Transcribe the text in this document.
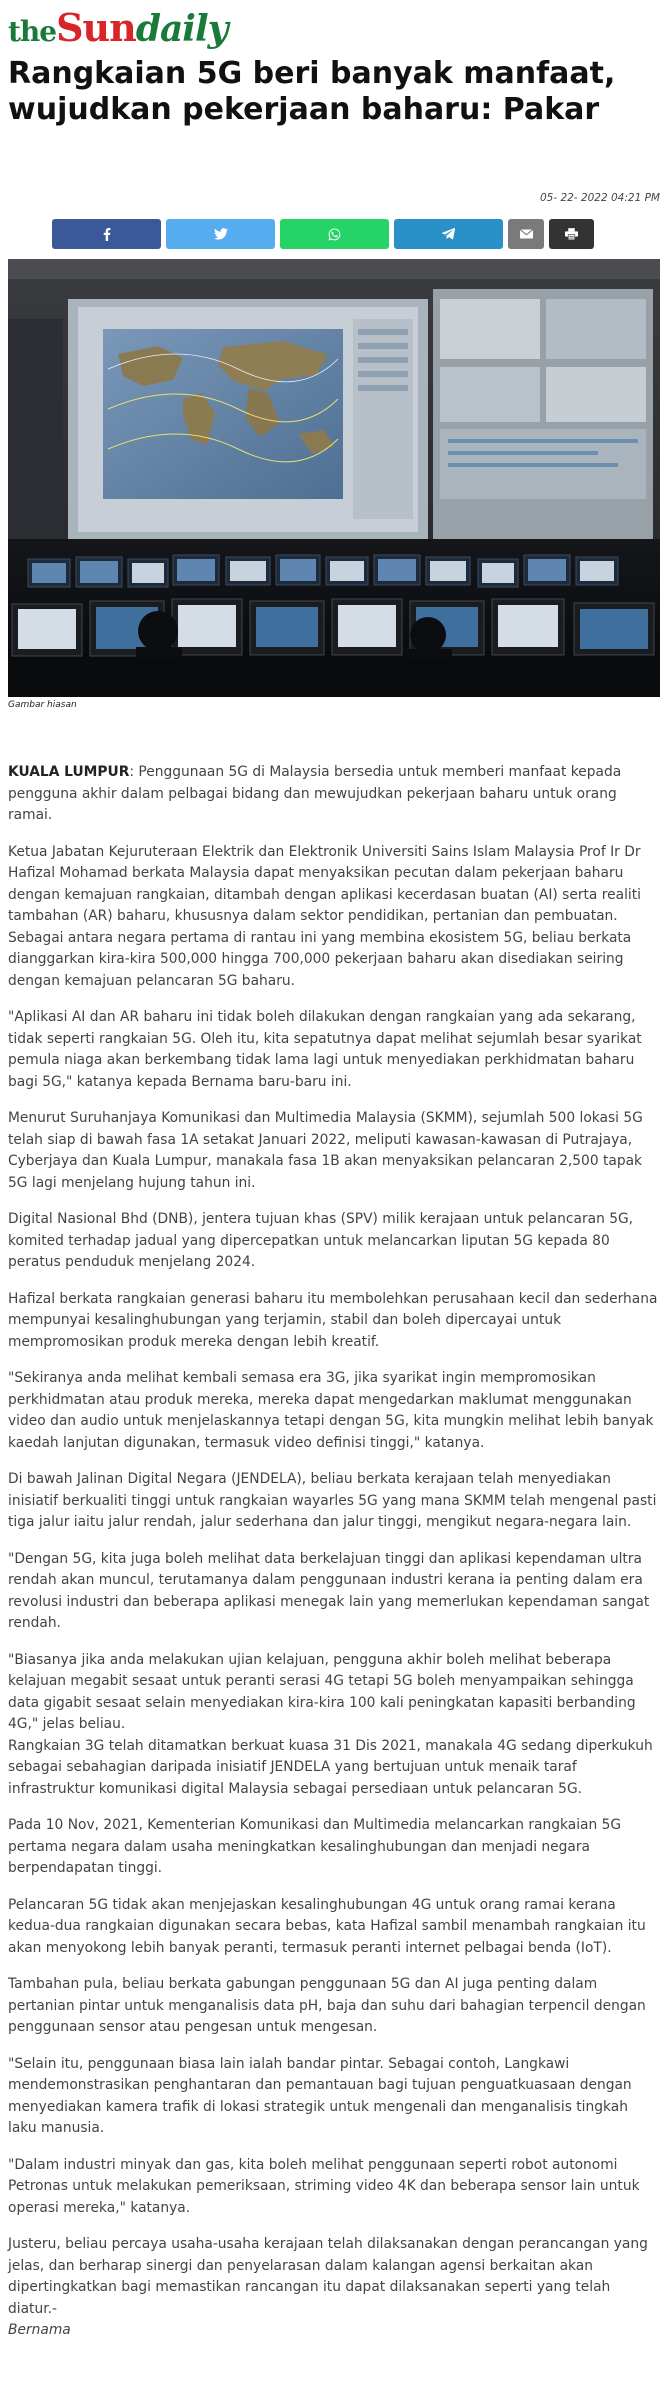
theSundaily
Rangkaian 5G beri banyak manfaat, wujudkan pekerjaan baharu: Pakar
05- 22- 2022 04:21 PM
Gambar hiasan

KUALA LUMPUR: Penggunaan 5G di Malaysia bersedia untuk memberi manfaat kepada pengguna akhir dalam pelbagai bidang dan mewujudkan pekerjaan baharu untuk orang ramai.

Ketua Jabatan Kejuruteraan Elektrik dan Elektronik Universiti Sains Islam Malaysia Prof Ir Dr Hafizal Mohamad berkata Malaysia dapat menyaksikan pecutan dalam pekerjaan baharu dengan kemajuan rangkaian, ditambah dengan aplikasi kecerdasan buatan (AI) serta realiti tambahan (AR) baharu, khususnya dalam sektor pendidikan, pertanian dan pembuatan.

Sebagai antara negara pertama di rantau ini yang membina ekosistem 5G, beliau berkata dianggarkan kira-kira 500,000 hingga 700,000 pekerjaan baharu akan disediakan seiring dengan kemajuan pelancaran 5G baharu.

"Aplikasi AI dan AR baharu ini tidak boleh dilakukan dengan rangkaian yang ada sekarang, tidak seperti rangkaian 5G. Oleh itu, kita sepatutnya dapat melihat sejumlah besar syarikat pemula niaga akan berkembang tidak lama lagi untuk menyediakan perkhidmatan baharu bagi 5G," katanya kepada Bernama baru-baru ini.

Menurut Suruhanjaya Komunikasi dan Multimedia Malaysia (SKMM), sejumlah 500 lokasi 5G telah siap di bawah fasa 1A setakat Januari 2022, meliputi kawasan-kawasan di Putrajaya, Cyberjaya dan Kuala Lumpur, manakala fasa 1B akan menyaksikan pelancaran 2,500 tapak 5G lagi menjelang hujung tahun ini.

Digital Nasional Bhd (DNB), jentera tujuan khas (SPV) milik kerajaan untuk pelancaran 5G, komited terhadap jadual yang dipercepatkan untuk melancarkan liputan 5G kepada 80 peratus penduduk menjelang 2024.

Hafizal berkata rangkaian generasi baharu itu membolehkan perusahaan kecil dan sederhana mempunyai kesalinghubungan yang terjamin, stabil dan boleh dipercayai untuk mempromosikan produk mereka dengan lebih kreatif.

"Sekiranya anda melihat kembali semasa era 3G, jika syarikat ingin mempromosikan perkhidmatan atau produk mereka, mereka dapat mengedarkan maklumat menggunakan video dan audio untuk menjelaskannya tetapi dengan 5G, kita mungkin melihat lebih banyak kaedah lanjutan digunakan, termasuk video definisi tinggi," katanya.

Di bawah Jalinan Digital Negara (JENDELA), beliau berkata kerajaan telah menyediakan inisiatif berkualiti tinggi untuk rangkaian wayarles 5G yang mana SKMM telah mengenal pasti tiga jalur iaitu jalur rendah, jalur sederhana dan jalur tinggi, mengikut negara-negara lain.

"Dengan 5G, kita juga boleh melihat data berkelajuan tinggi dan aplikasi kependaman ultra rendah akan muncul, terutamanya dalam penggunaan industri kerana ia penting dalam era revolusi industri dan beberapa aplikasi menegak lain yang memerlukan kependaman sangat rendah.

"Biasanya jika anda melakukan ujian kelajuan, pengguna akhir boleh melihat beberapa kelajuan megabit sesaat untuk peranti serasi 4G tetapi 5G boleh menyampaikan sehingga data gigabit sesaat selain menyediakan kira-kira 100 kali peningkatan kapasiti berbanding 4G," jelas beliau.

Rangkaian 3G telah ditamatkan berkuat kuasa 31 Dis 2021, manakala 4G sedang diperkukuh sebagai sebahagian daripada inisiatif JENDELA yang bertujuan untuk menaik taraf infrastruktur komunikasi digital Malaysia sebagai persediaan untuk pelancaran 5G.

Pada 10 Nov, 2021, Kementerian Komunikasi dan Multimedia melancarkan rangkaian 5G pertama negara dalam usaha meningkatkan kesalinghubungan dan menjadi negara berpendapatan tinggi.

Pelancaran 5G tidak akan menjejaskan kesalinghubungan 4G untuk orang ramai kerana kedua-dua rangkaian digunakan secara bebas, kata Hafizal sambil menambah rangkaian itu akan menyokong lebih banyak peranti, termasuk peranti internet pelbagai benda (IoT).

Tambahan pula, beliau berkata gabungan penggunaan 5G dan AI juga penting dalam pertanian pintar untuk menganalisis data pH, baja dan suhu dari bahagian terpencil dengan penggunaan sensor atau pengesan untuk mengesan.

"Selain itu, penggunaan biasa lain ialah bandar pintar. Sebagai contoh, Langkawi mendemonstrasikan penghantaran dan pemantauan bagi tujuan penguatkuasaan dengan menyediakan kamera trafik di lokasi strategik untuk mengenali dan menganalisis tingkah laku manusia.

"Dalam industri minyak dan gas, kita boleh melihat penggunaan seperti robot autonomi Petronas untuk melakukan pemeriksaan, striming video 4K dan beberapa sensor lain untuk operasi mereka," katanya.

Justeru, beliau percaya usaha-usaha kerajaan telah dilaksanakan dengan perancangan yang jelas, dan berharap sinergi dan penyelarasan dalam kalangan agensi berkaitan akan dipertingkatkan bagi memastikan rancangan itu dapat dilaksanakan seperti yang telah diatur.-
Bernama
